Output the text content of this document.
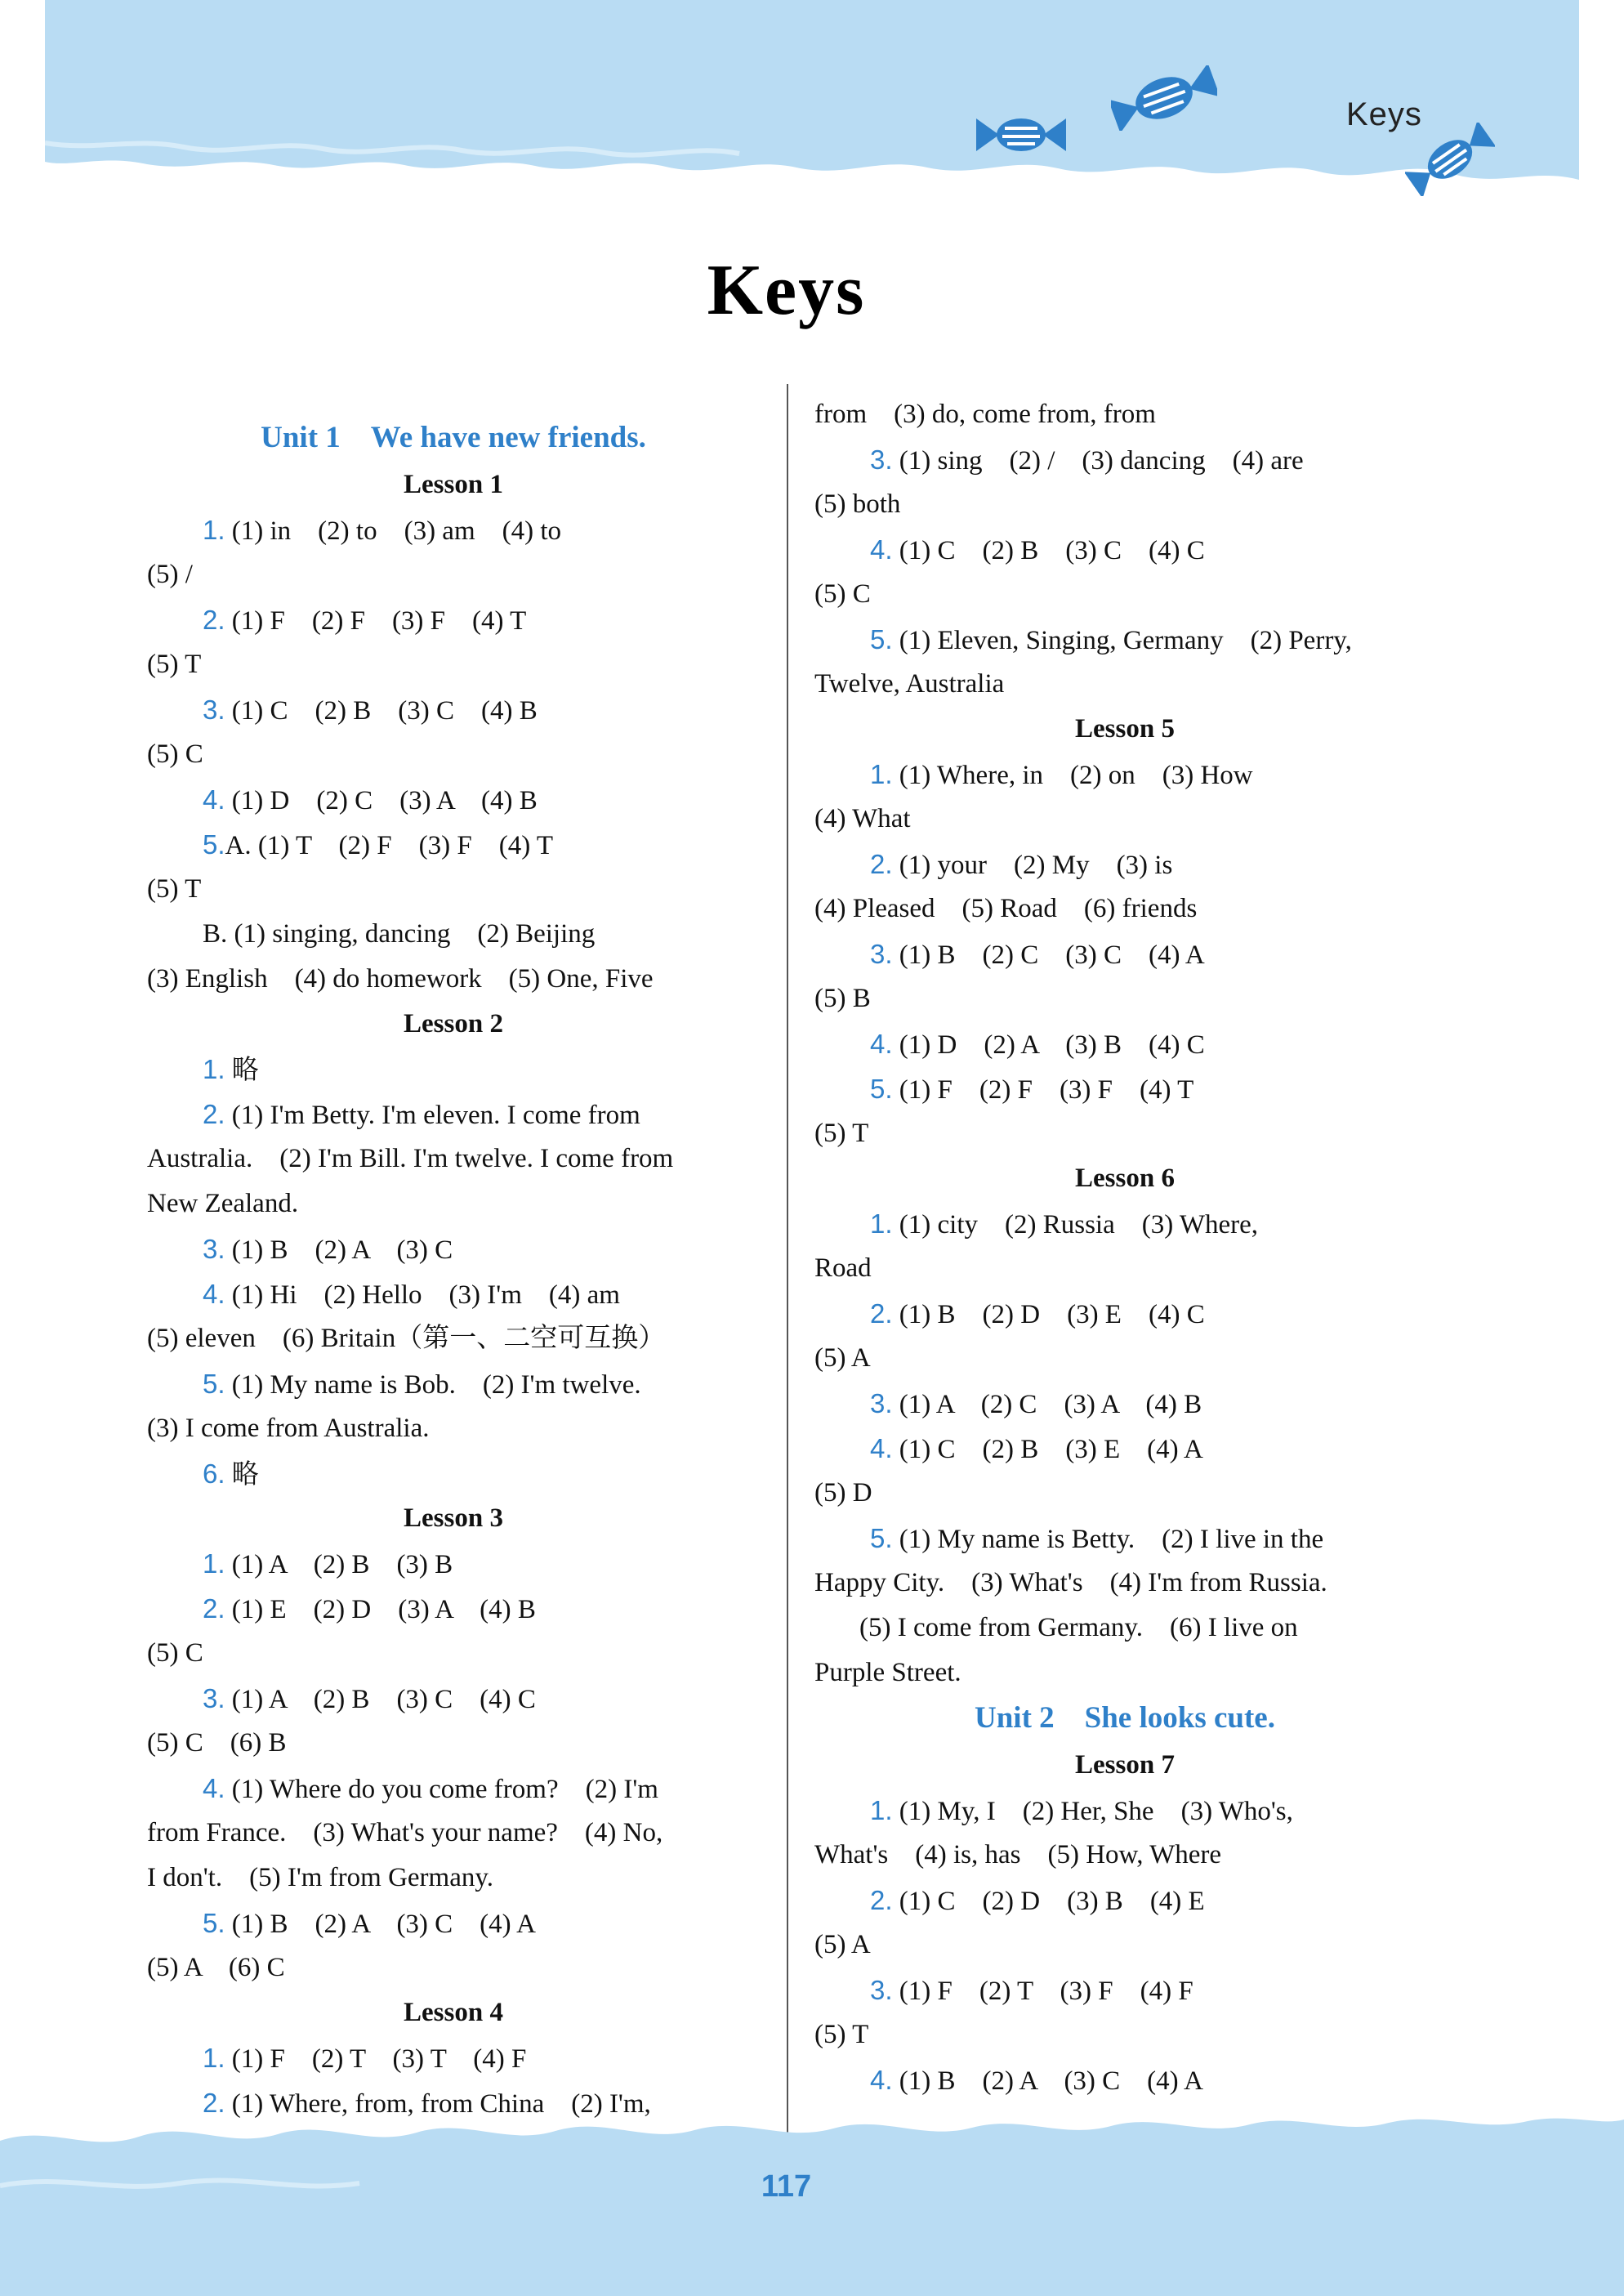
Keys
Keys
Unit 1　We have new friends.
Lesson 1
1. (1) in　(2) to　(3) am　(4) to
(5) /
2. (1) F　(2) F　(3) F　(4) T
(5) T
3. (1) C　(2) B　(3) C　(4) B
(5) C
4. (1) D　(2) C　(3) A　(4) B
5.A. (1) T　(2) F　(3) F　(4) T
(5) T
B. (1) singing, dancing　(2) Beijing
(3) English　(4) do homework　(5) One, Five
Lesson 2
1. 略
2. (1) I'm Betty. I'm eleven. I come from
Australia.　(2) I'm Bill. I'm twelve. I come from
New Zealand.
3. (1) B　(2) A　(3) C
4. (1) Hi　(2) Hello　(3) I'm　(4) am
(5) eleven　(6) Britain（第一、二空可互换）
5. (1) My name is Bob.　(2) I'm twelve.
(3) I come from Australia.
6. 略
Lesson 3
1. (1) A　(2) B　(3) B
2. (1) E　(2) D　(3) A　(4) B
(5) C
3. (1) A　(2) B　(3) C　(4) C
(5) C　(6) B
4. (1) Where do you come from?　(2) I'm
from France.　(3) What's your name?　(4) No,
I don't.　(5) I'm from Germany.
5. (1) B　(2) A　(3) C　(4) A
(5) A　(6) C
Lesson 4
1. (1) F　(2) T　(3) T　(4) F
2. (1) Where, from, from China　(2) I'm,
from　(3) do, come from, from
3. (1) sing　(2) /　(3) dancing　(4) are
(5) both
4. (1) C　(2) B　(3) C　(4) C
(5) C
5. (1) Eleven, Singing, Germany　(2) Perry,
Twelve, Australia
Lesson 5
1. (1) Where, in　(2) on　(3) How
(4) What
2. (1) your　(2) My　(3) is
(4) Pleased　(5) Road　(6) friends
3. (1) B　(2) C　(3) C　(4) A
(5) B
4. (1) D　(2) A　(3) B　(4) C
5. (1) F　(2) F　(3) F　(4) T
(5) T
Lesson 6
1. (1) city　(2) Russia　(3) Where,
Road
2. (1) B　(2) D　(3) E　(4) C
(5) A
3. (1) A　(2) C　(3) A　(4) B
4. (1) C　(2) B　(3) E　(4) A
(5) D
5. (1) My name is Betty.　(2) I live in the
Happy City.　(3) What's　(4) I'm from Russia.
(5) I come from Germany.　(6) I live on
Purple Street.
Unit 2　She looks cute.
Lesson 7
1. (1) My, I　(2) Her, She　(3) Who's,
What's　(4) is, has　(5) How, Where
2. (1) C　(2) D　(3) B　(4) E
(5) A
3. (1) F　(2) T　(3) F　(4) F
(5) T
4. (1) B　(2) A　(3) C　(4) A
117
